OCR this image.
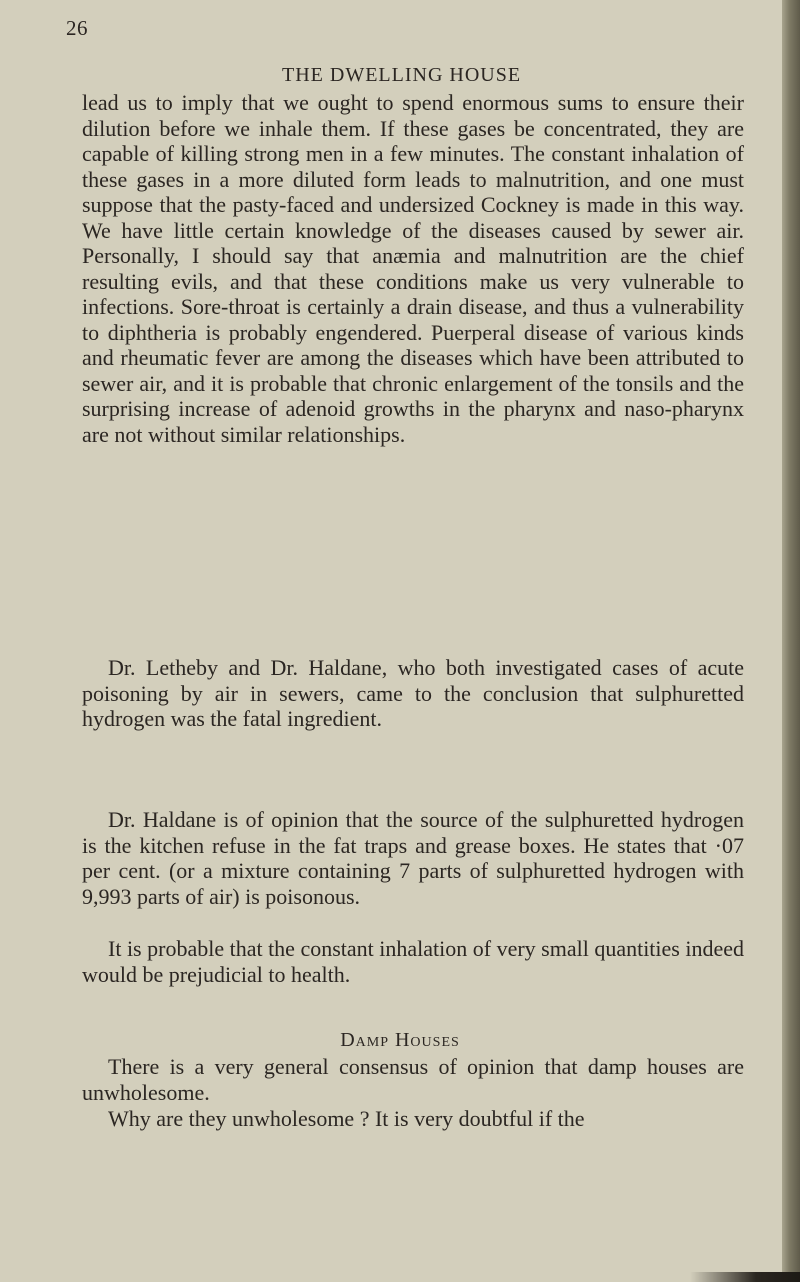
26
THE DWELLING HOUSE

lead us to imply that we ought to spend enormous sums to ensure their dilution before we inhale them. If these gases be concentrated, they are capable of killing strong men in a few minutes. The constant inhalation of these gases in a more diluted form leads to malnutrition, and one must suppose that the pasty-faced and undersized Cockney is made in this way. We have little certain knowledge of the diseases caused by sewer air. Personally, I should say that anæmia and malnutrition are the chief resulting evils, and that these conditions make us very vulnerable to infections. Sore-throat is certainly a drain disease, and thus a vulnerability to diphtheria is probably engendered. Puerperal disease of various kinds and rheumatic fever are among the diseases which have been attributed to sewer air, and it is probable that chronic enlargement of the tonsils and the surprising increase of adenoid growths in the pharynx and naso-pharynx are not without similar relationships.

Dr. Letheby and Dr. Haldane, who both investigated cases of acute poisoning by air in sewers, came to the conclusion that sulphuretted hydrogen was the fatal ingredient.

Dr. Haldane is of opinion that the source of the sulphuretted hydrogen is the kitchen refuse in the fat traps and grease boxes. He states that ·07 per cent. (or a mixture containing 7 parts of sulphuretted hydrogen with 9,993 parts of air) is poisonous.

It is probable that the constant inhalation of very small quantities indeed would be prejudicial to health.

Damp Houses

There is a very general consensus of opinion that damp houses are unwholesome.

Why are they unwholesome ? It is very doubtful if the
